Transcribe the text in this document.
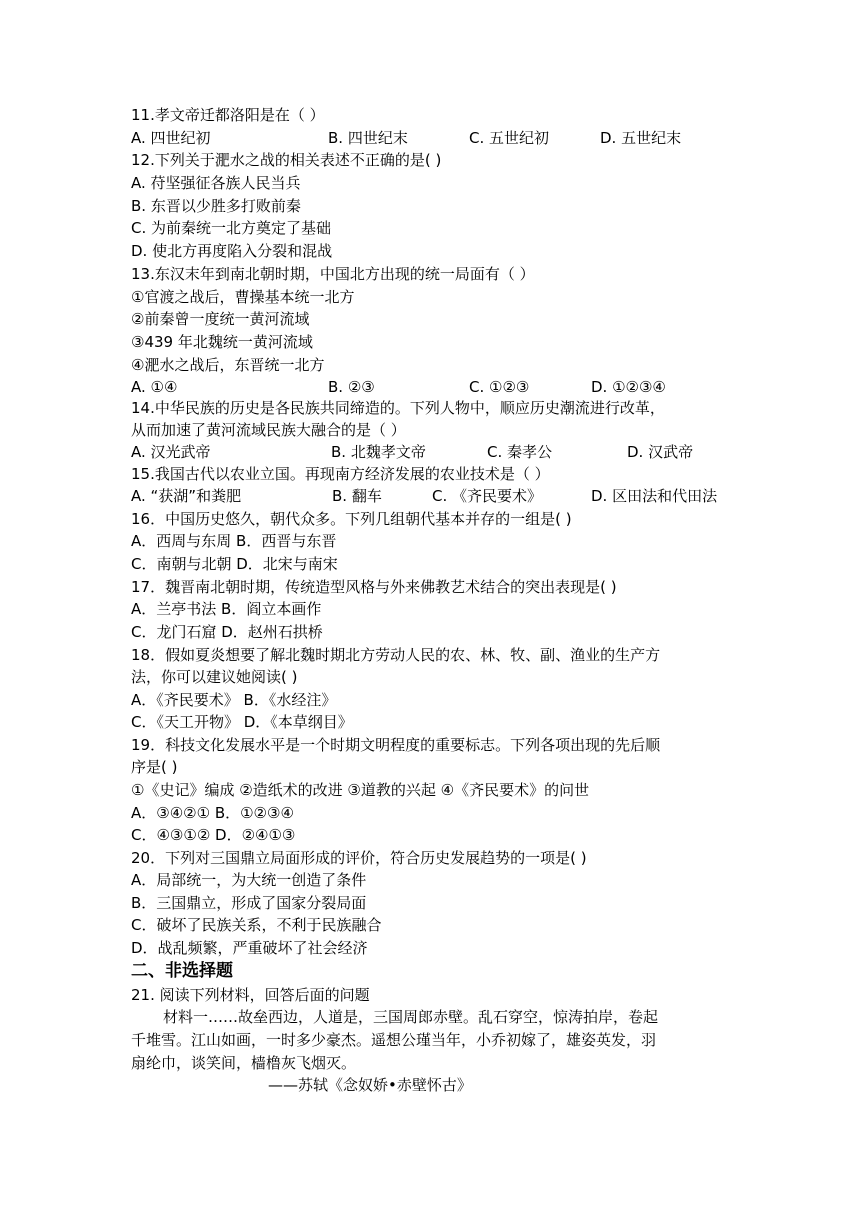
11.孝文帝迁都洛阳是在（ ）
A. 四世纪初	B. 四世纪末	C. 五世纪初	D. 五世纪末
12.下列关于淝水之战的相关表述不正确的是( )
A. 苻坚强征各族人民当兵
B. 东晋以少胜多打败前秦
C. 为前秦统一北方奠定了基础
D. 使北方再度陷入分裂和混战
13.东汉末年到南北朝时期，中国北方出现的统一局面有（ ）
①官渡之战后，曹操基本统一北方
②前秦曾一度统一黄河流域
③439 年北魏统一黄河流域
④淝水之战后，东晋统一北方
A. ①④	B. ②③	C. ①②③	D. ①②③④
14.中华民族的历史是各民族共同缔造的。下列人物中，顺应历史潮流进行改革，
从而加速了黄河流域民族大融合的是（ ）
A. 汉光武帝	B. 北魏孝文帝	C. 秦孝公	D. 汉武帝
15.我国古代以农业立国。再现南方经济发展的农业技术是（ ）
A. “获湖”和粪肥	B. 翻车	C. 《齐民要术》	D. 区田法和代田法
16．中国历史悠久，朝代众多。下列几组朝代基本并存的一组是( )
A．西周与东周 B．西晋与东晋
C．南朝与北朝 D．北宋与南宋
17．魏晋南北朝时期，传统造型风格与外来佛教艺术结合的突出表现是( )
A．兰亭书法 B．阎立本画作
C．龙门石窟 D．赵州石拱桥
18．假如夏炎想要了解北魏时期北方劳动人民的农、林、牧、副、渔业的生产方
法，你可以建议她阅读( )
A．《齐民要术》 B．《水经注》
C．《天工开物》 D．《本草纲目》
19．科技文化发展水平是一个时期文明程度的重要标志。下列各项出现的先后顺
序是( )
①《史记》编成 ②造纸术的改进 ③道教的兴起 ④《齐民要术》的问世
A．③④②① B．①②③④
C．④③①② D．②④①③
20．下列对三国鼎立局面形成的评价，符合历史发展趋势的一项是( )
A．局部统一，为大统一创造了条件
B．三国鼎立，形成了国家分裂局面
C．破坏了民族关系，不利于民族融合
D．战乱频繁，严重破坏了社会经济
二、非选择题
21. 阅读下列材料，回答后面的问题
材料一……故垒西边，人道是，三国周郎赤壁。乱石穿空，惊涛拍岸，卷起
千堆雪。江山如画，一时多少豪杰。遥想公瑾当年，小乔初嫁了，雄姿英发，羽
扇纶巾，谈笑间，樯橹灰飞烟灭。
——苏轼《念奴娇•赤壁怀古》
